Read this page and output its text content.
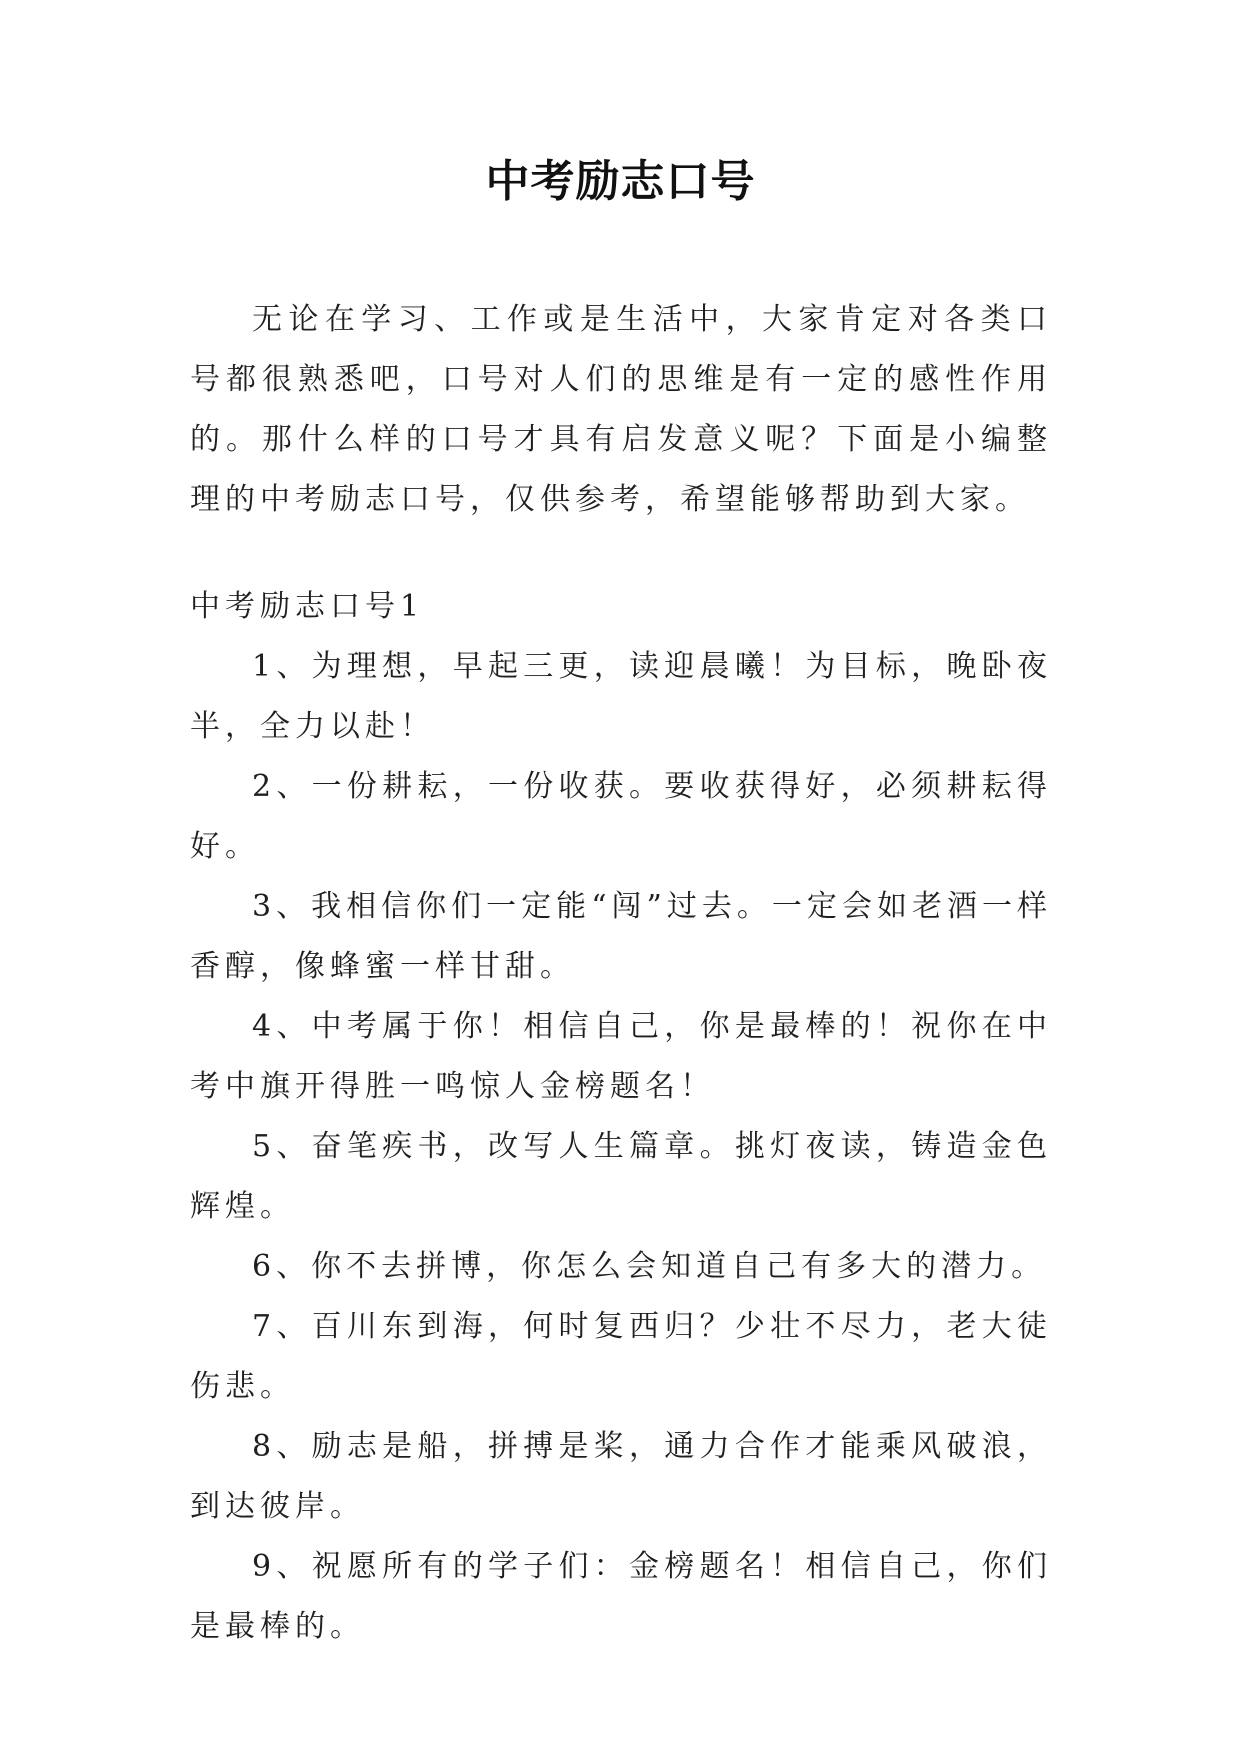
中考励志口号

无论在学习、工作或是生活中，大家肯定对各类口号都很熟悉吧，口号对人们的思维是有一定的感性作用的。那什么样的口号才具有启发意义呢？下面是小编整理的中考励志口号，仅供参考，希望能够帮助到大家。

中考励志口号1

1、为理想，早起三更，读迎晨曦！为目标，晚卧夜半，全力以赴！

2、一份耕耘，一份收获。要收获得好，必须耕耘得好。

3、我相信你们一定能“闯”过去。一定会如老酒一样香醇，像蜂蜜一样甘甜。

4、中考属于你！相信自己，你是最棒的！祝你在中考中旗开得胜一鸣惊人金榜题名！

5、奋笔疾书，改写人生篇章。挑灯夜读，铸造金色辉煌。

6、你不去拼博，你怎么会知道自己有多大的潜力。

7、百川东到海，何时复西归？少壮不尽力，老大徒伤悲。

8、励志是船，拼搏是桨，通力合作才能乘风破浪，到达彼岸。

9、祝愿所有的学子们：金榜题名！相信自己，你们是最棒的。
